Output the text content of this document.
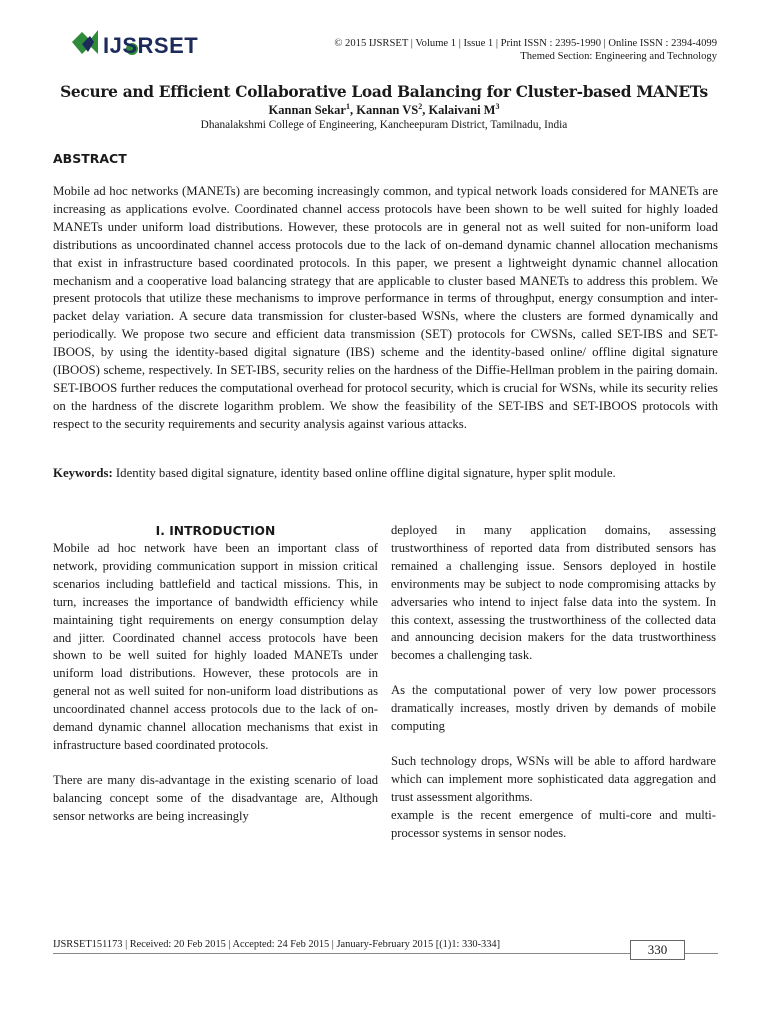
IJSRSET	© 2015 IJSRSET | Volume 1 | Issue 1 | Print ISSN : 2395-1990 | Online ISSN : 2394-4099
Themed Section: Engineering and Technology
Secure and Efficient Collaborative Load Balancing for Cluster-based MANETs
Kannan Sekar$^1$, Kannan $VS^2$, Kalaivani $M^3$
Dhanalakshmi College of Engineering, Kancheepuram District, Tamilnadu, India
ABSTRACT

Mobile ad hoc networks (MANETs) are becoming increasingly common, and typical network loads considered for MANETs are increasing as applications evolve. Coordinated channel access protocols have been shown to be well suited for highly loaded MANETs under uniform load distributions. However, these protocols are in general not as well suited for non-uniform load distributions as uncoordinated channel access protocols due to the lack of on-demand dynamic channel allocation mechanisms that exist in infrastructure based coordinated protocols. In this paper, we present a lightweight dynamic channel allocation mechanism and a cooperative load balancing strategy that are applicable to cluster based MANETs to address this problem. We present protocols that utilize these mechanisms to improve performance in terms of throughput, energy consumption and inter-packet delay variation. A secure data transmission for cluster-based WSNs, where the clusters are formed dynamically and periodically. We propose two secure and efficient data transmission (SET) protocols for CWSNs, called SET-IBS and SET-IBOOS, by using the identity-based digital signature (IBS) scheme and the identity-based online/ offline digital signature (IBOOS) scheme, respectively. In SET-IBS, security relies on the hardness of the Diffie-Hellman problem in the pairing domain. SET-IBOOS further reduces the computational overhead for protocol security, which is crucial for WSNs, while its security relies on the hardness of the discrete logarithm problem. We show the feasibility of the SET-IBS and SET-IBOOS protocols with respect to the security requirements and security analysis against various attacks.

Keywords: Identity based digital signature, identity based online offline digital signature, hyper split module.
I. INTRODUCTION

Mobile ad hoc network have been an important class of network, providing communication support in mission critical scenarios including battlefield and tactical missions. This, in turn, increases the importance of bandwidth efficiency while maintaining tight requirements on energy consumption delay and jitter. Coordinated channel access protocols have been shown to be well suited for highly loaded MANETs under uniform load distributions. However, these protocols are in general not as well suited for non-uniform load distributions as uncoordinated channel access protocols due to the lack of on-demand dynamic channel allocation mechanisms that exist in infrastructure based coordinated protocols.

There are many dis-advantage in the existing scenario of load balancing concept some of the disadvantage are, Although sensor networks are being increasingly

deployed in many application domains, assessing trustworthiness of reported data from distributed sensors has remained a challenging issue. Sensors deployed in hostile environments may be subject to node compromising attacks by adversaries who intend to inject false data into the system. In this context, assessing the trustworthiness of the collected data and announcing decision makers for the data trustworthiness becomes a challenging task.

As the computational power of very low power processors dramatically increases, mostly driven by demands of mobile computing

Such technology drops, WSNs will be able to afford hardware which can implement more sophisticated data aggregation and trust assessment algorithms.

example is the recent emergence of multi-core and multi-processor systems in sensor nodes.

IJSRSET151173 | Received: 20 Feb 2015 | Accepted: 24 Feb 2015 | January-February 2015 [(1)1: 330-334]	330
